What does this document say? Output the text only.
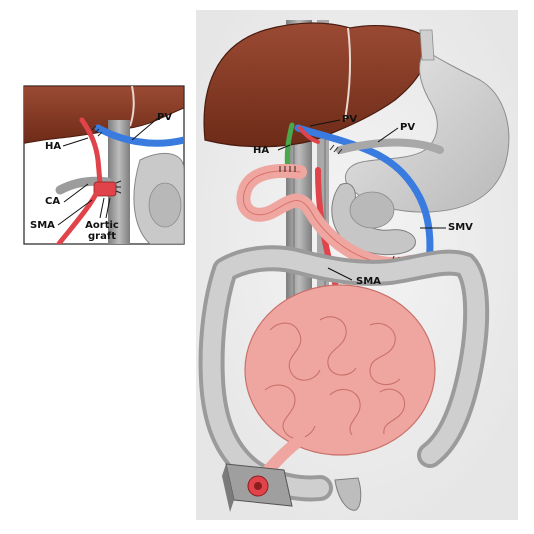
PV
HA
CA
SMA	Aortic
graft
PV
PV
HA
SMV
SMA
